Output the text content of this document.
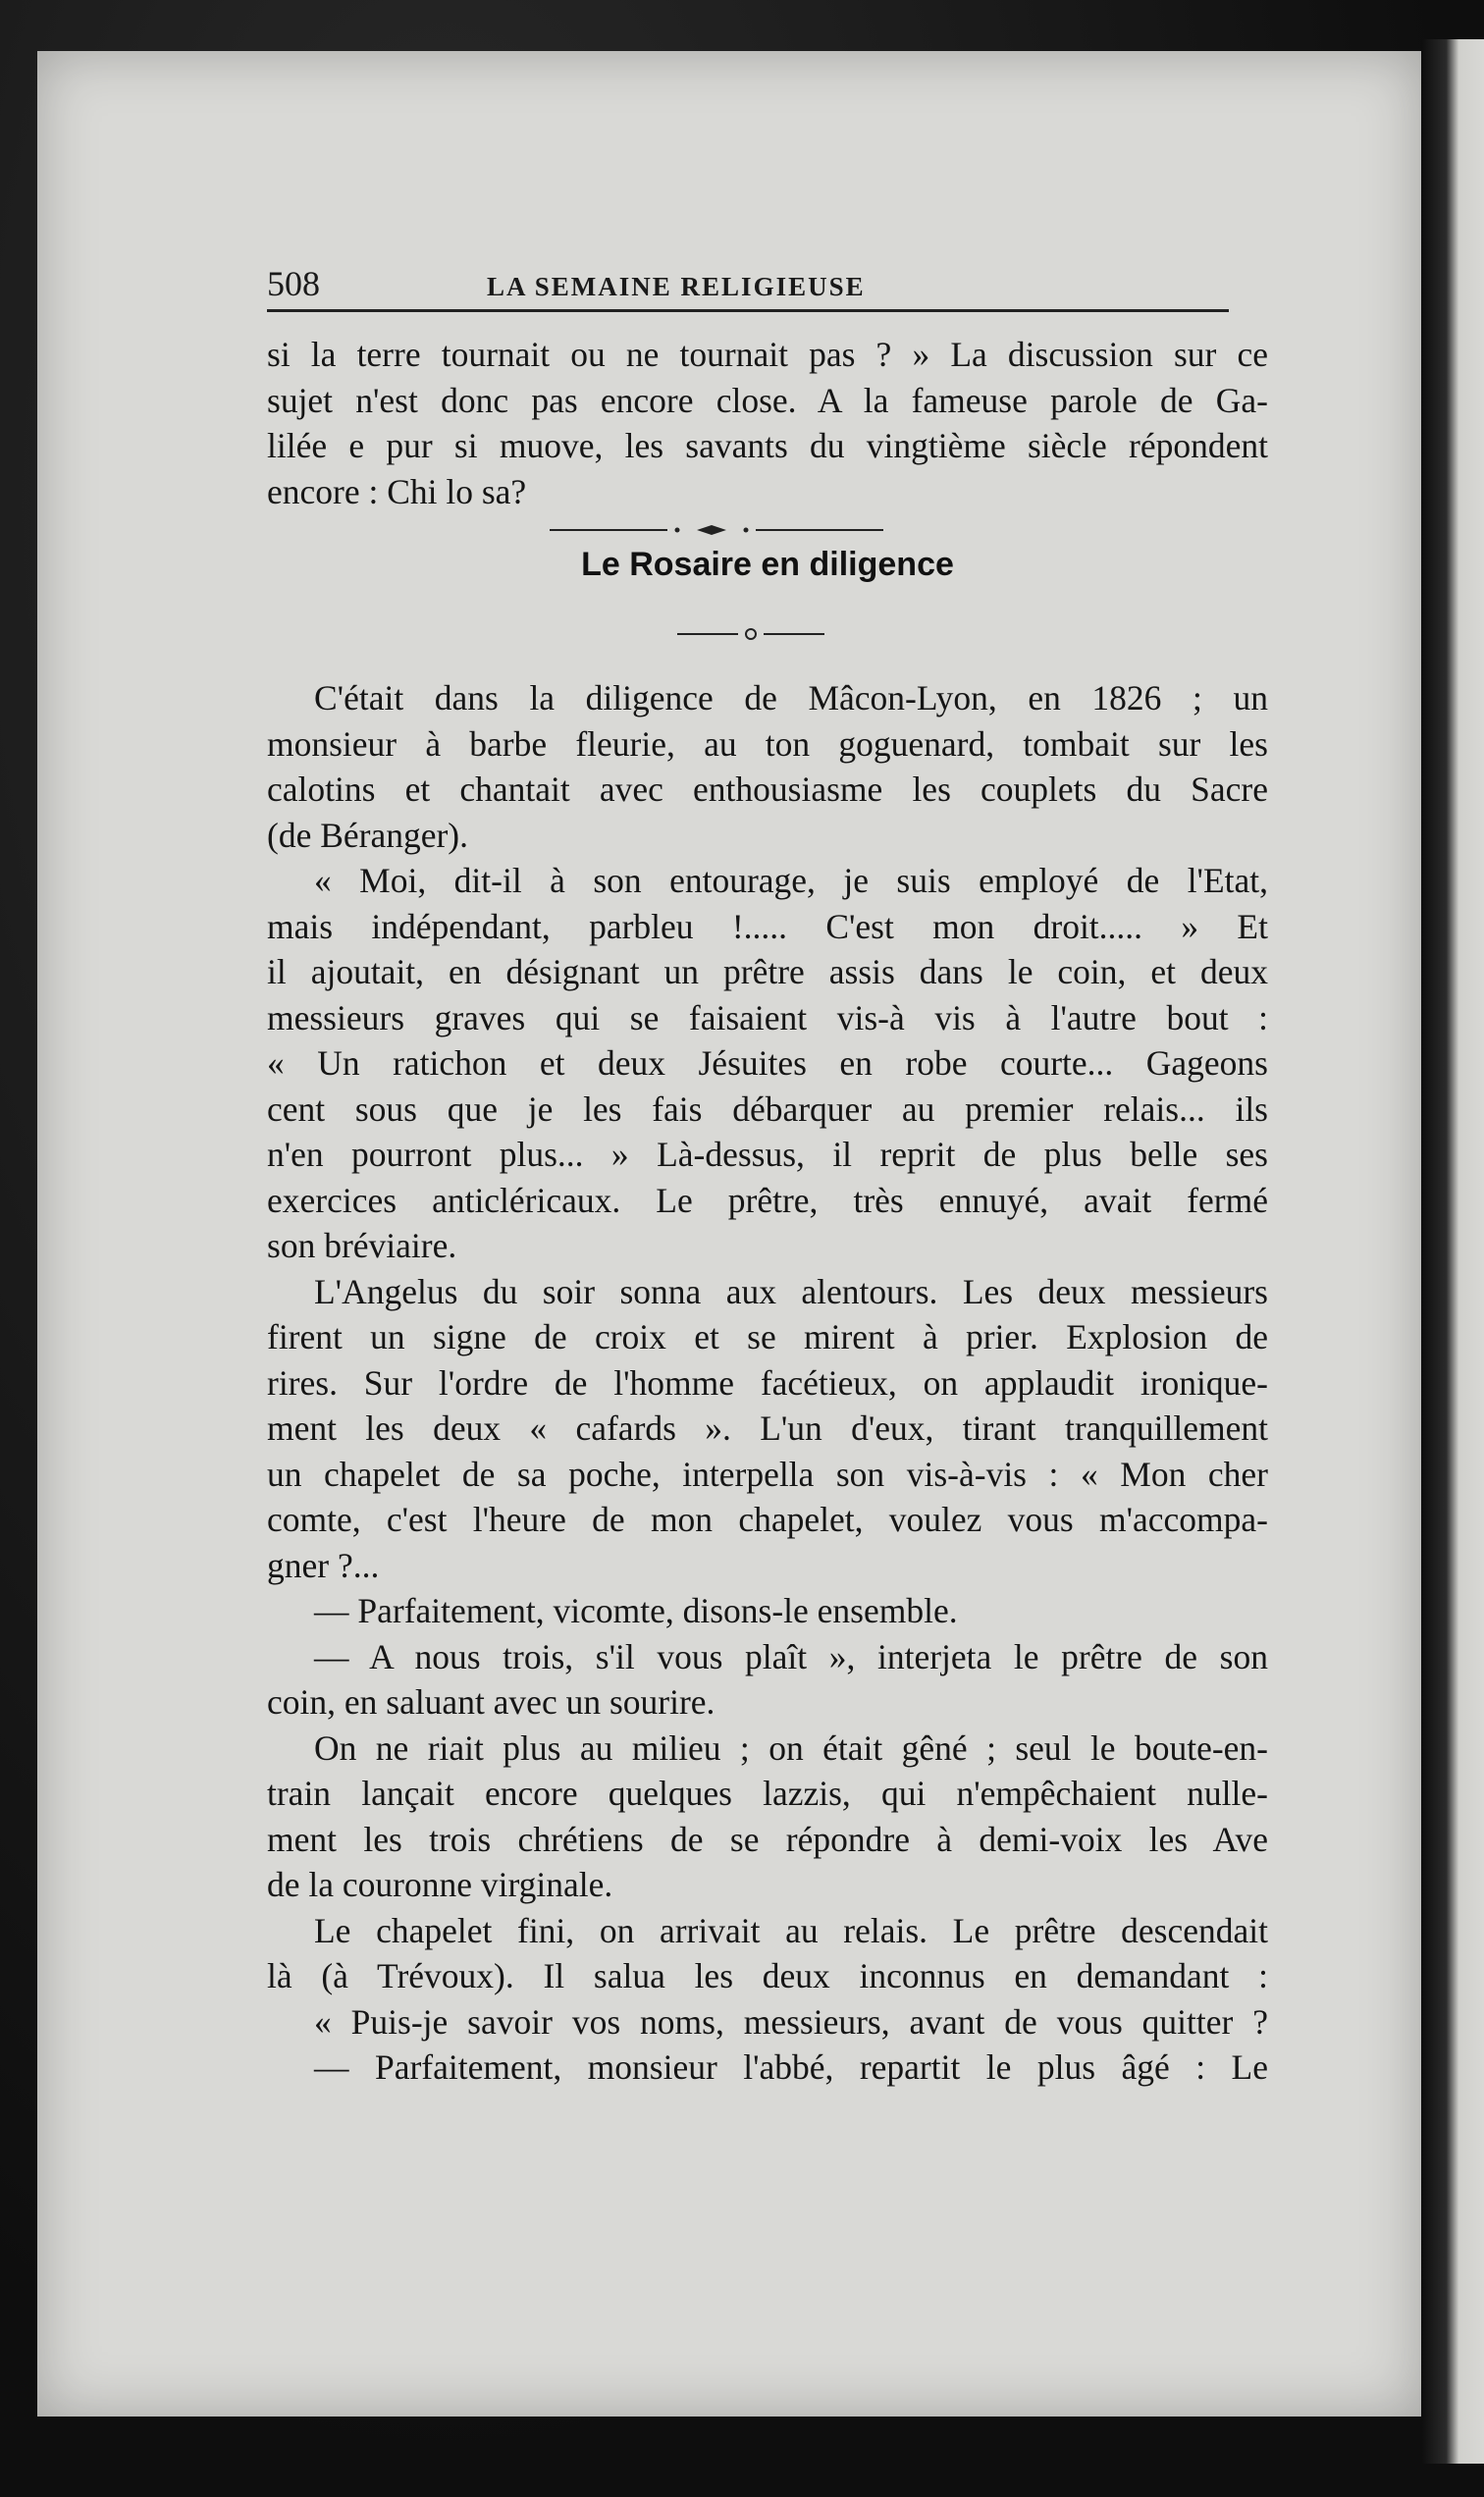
508	LA SEMAINE RELIGIEUSE
si la terre tournait ou ne tournait pas ? » La discussion sur ce
sujet n'est donc pas encore close. A la fameuse parole de Ga-
lilée e pur si muove, les savants du vingtième siècle répondent
encore : Chi lo sa?
Le Rosaire en diligence
C'était dans la diligence de Mâcon-Lyon, en 1826 ; un
monsieur à barbe fleurie, au ton goguenard, tombait sur les
calotins et chantait avec enthousiasme les couplets du Sacre
(de Béranger).
« Moi, dit-il à son entourage, je suis employé de l'Etat,
mais indépendant, parbleu !..... C'est mon droit..... » Et
il ajoutait, en désignant un prêtre assis dans le coin, et deux
messieurs graves qui se faisaient vis-à vis à l'autre bout :
« Un ratichon et deux Jésuites en robe courte... Gageons
cent sous que je les fais débarquer au premier relais... ils
n'en pourront plus... » Là-dessus, il reprit de plus belle ses
exercices anticléricaux. Le prêtre, très ennuyé, avait fermé
son bréviaire.
L'Angelus du soir sonna aux alentours. Les deux messieurs
firent un signe de croix et se mirent à prier. Explosion de
rires. Sur l'ordre de l'homme facétieux, on applaudit ironique-
ment les deux « cafards ». L'un d'eux, tirant tranquillement
un chapelet de sa poche, interpella son vis-à-vis : « Mon cher
comte, c'est l'heure de mon chapelet, voulez vous m'accompa-
gner ?...
— Parfaitement, vicomte, disons-le ensemble.
— A nous trois, s'il vous plaît », interjeta le prêtre de son
coin, en saluant avec un sourire.
On ne riait plus au milieu ; on était gêné ; seul le boute-en-
train lançait encore quelques lazzis, qui n'empêchaient nulle-
ment les trois chrétiens de se répondre à demi-voix les Ave
de la couronne virginale.
Le chapelet fini, on arrivait au relais. Le prêtre descendait
là (à Trévoux). Il salua les deux inconnus en demandant :
« Puis-je savoir vos noms, messieurs, avant de vous quitter ?
— Parfaitement, monsieur l'abbé, repartit le plus âgé : Le
